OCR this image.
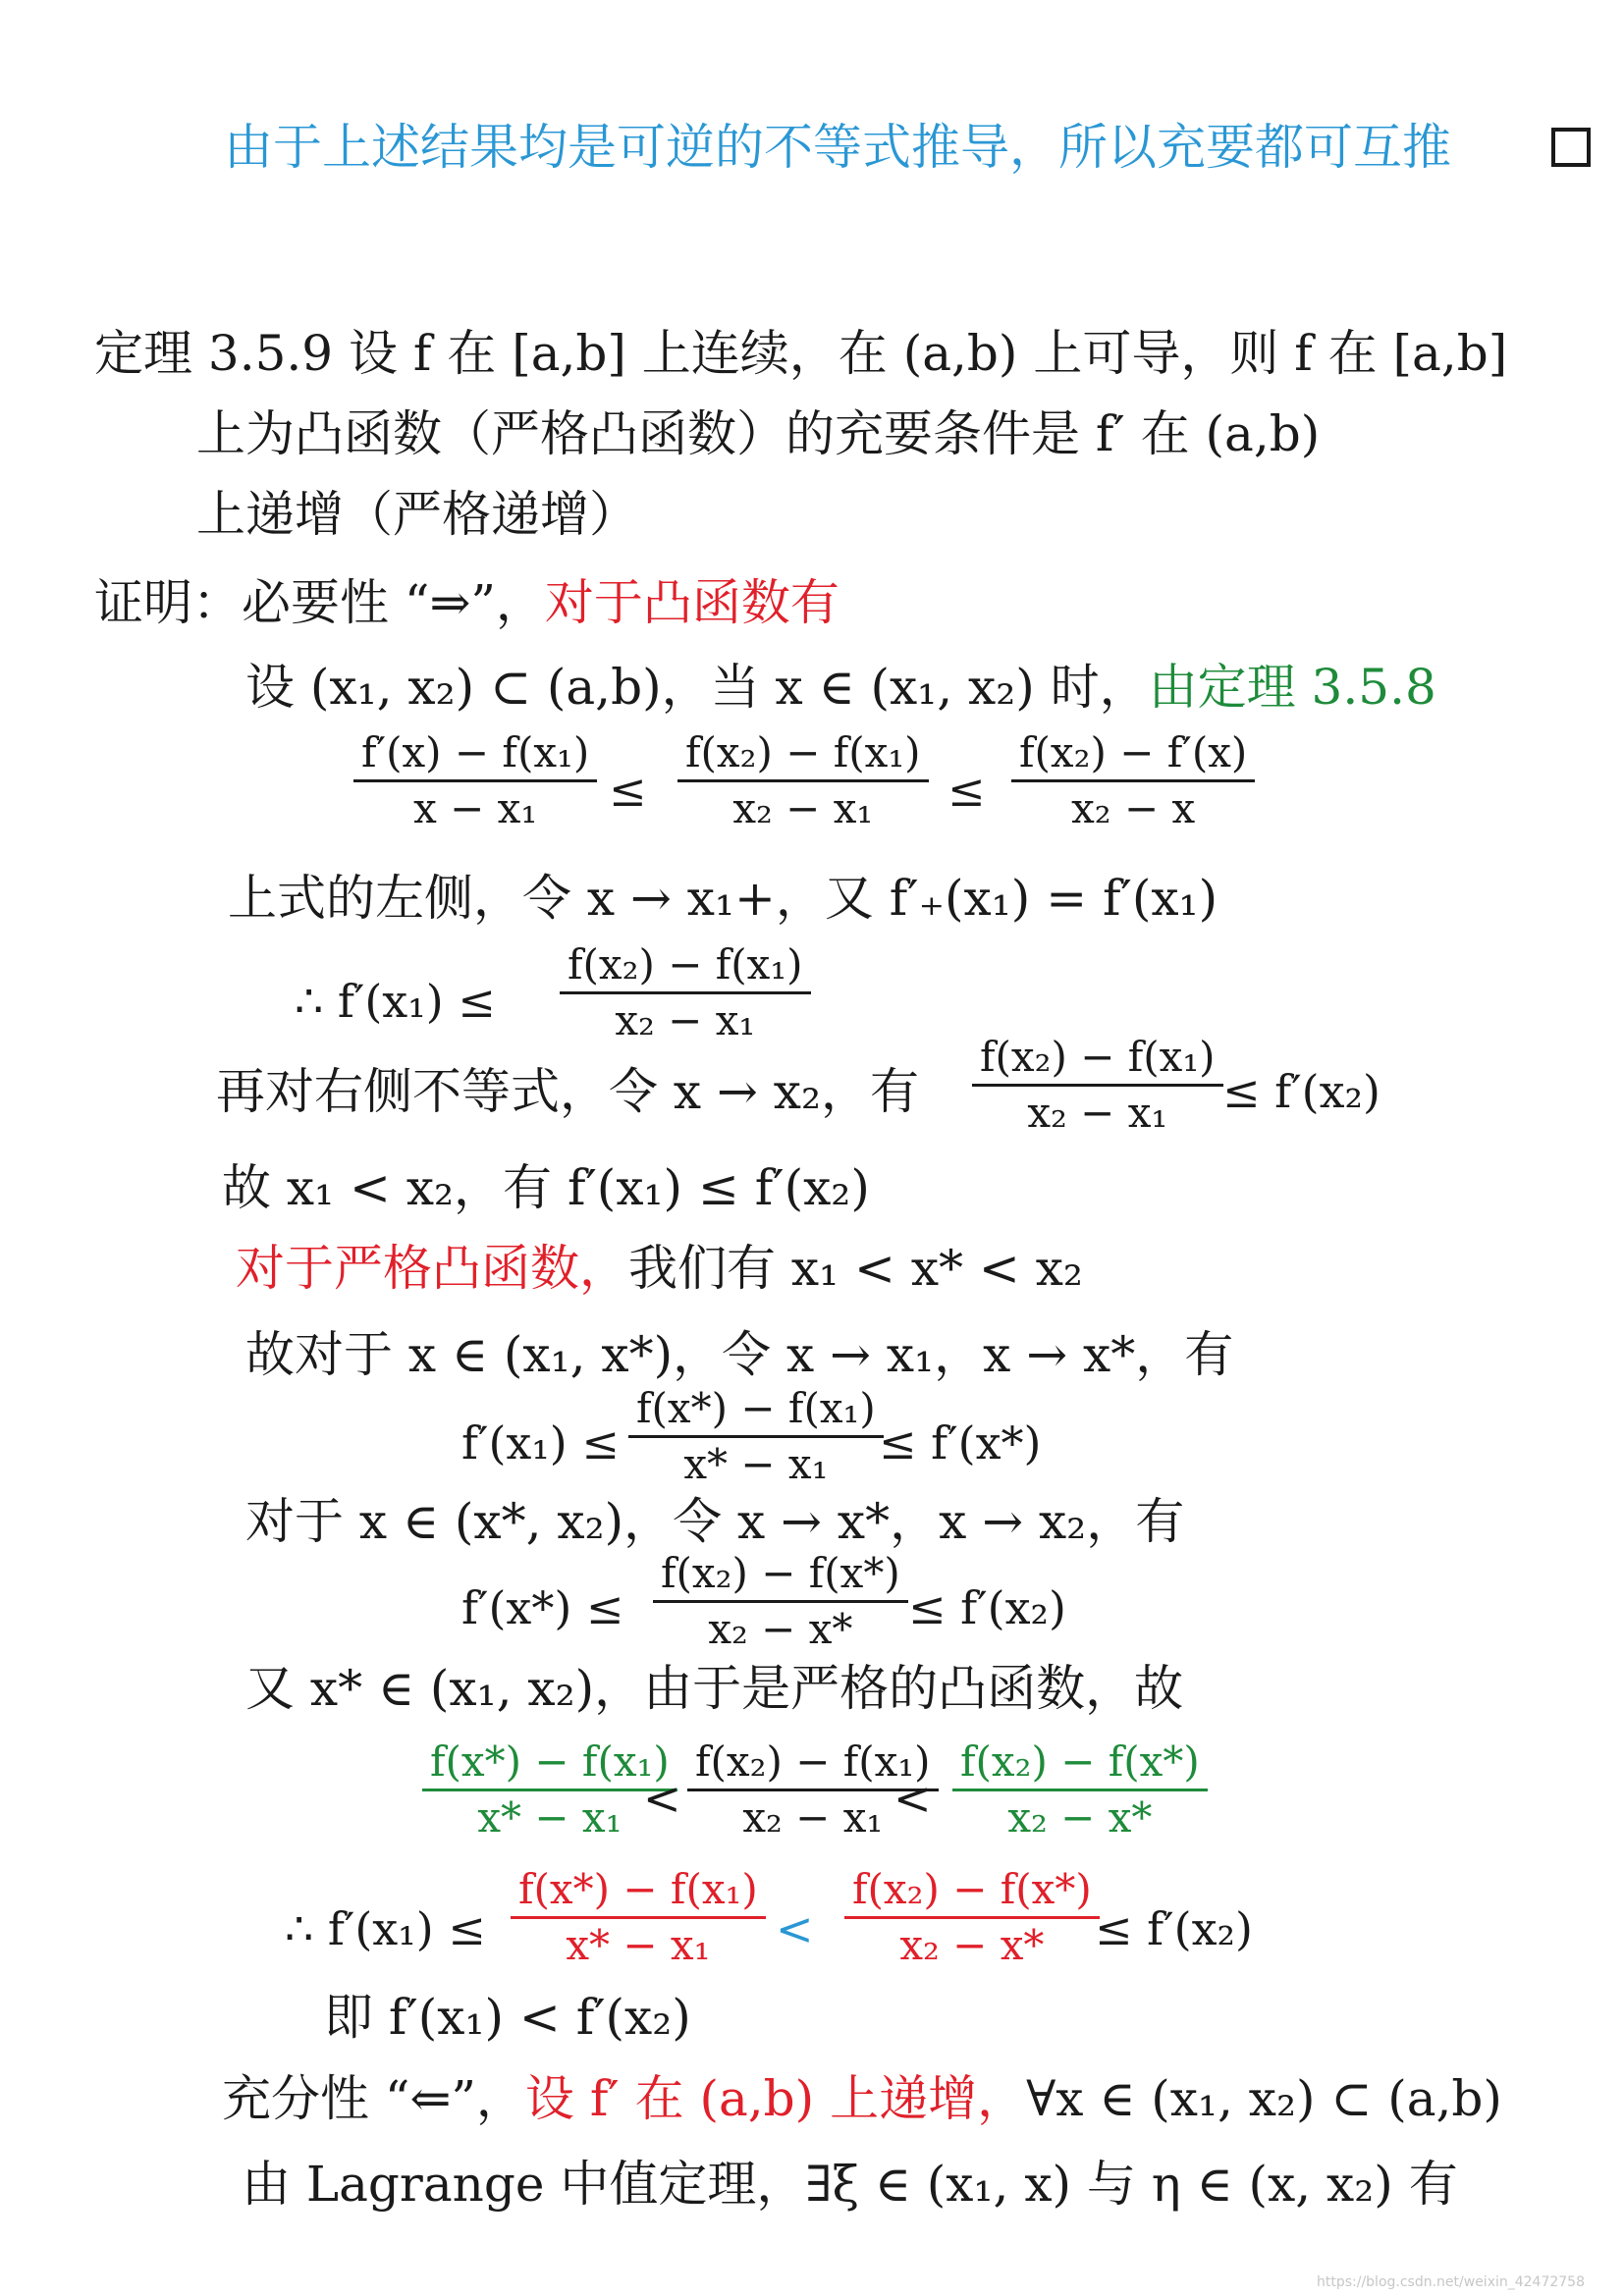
由于上述结果均是可逆的不等式推导，所以充要都可互推
定理 3.5.9 设 f 在 [a,b] 上连续，在 (a,b) 上可导，则 f 在 [a,b]
上为凸函数（严格凸函数）的充要条件是 f′ 在 (a,b)
上递增（严格递增）
证明：必要性 “⇒”，对于凸函数有
设 (x₁, x₂) ⊂ (a,b)，当 x ∈ (x₁, x₂) 时，由定理 3.5.8
f′(x) − f(x₁)
x − x₁ ≤
f(x₂) − f(x₁)
x₂ − x₁ ≤
f(x₂) − f′(x)
x₂ − x
上式的左侧，令 x → x₁+，又 f′₊(x₁) = f′(x₁)
∴ f′(x₁) ≤
f(x₂) − f(x₁)
x₂ − x₁
再对右侧不等式，令 x → x₂，有
f(x₂) − f(x₁)
x₂ − x₁ ≤ f′(x₂)
故 x₁ < x₂，有 f′(x₁) ≤ f′(x₂)
对于严格凸函数，我们有 x₁ < x* < x₂
故对于 x ∈ (x₁, x*)，令 x → x₁，x → x*，有
f′(x₁) ≤
f(x*) − f(x₁)
x* − x₁ ≤ f′(x*)
对于 x ∈ (x*, x₂)，令 x → x*，x → x₂，有
f′(x*) ≤
f(x₂) − f(x*)
x₂ − x* ≤ f′(x₂)
又 x* ∈ (x₁, x₂)，由于是严格的凸函数，故
f(x*) − f(x₁)
x* − x₁ <
f(x₂) − f(x₁)
x₂ − x₁ <
f(x₂) − f(x*)
x₂ − x*
∴ f′(x₁) ≤
f(x*) − f(x₁)
x* − x₁ <
f(x₂) − f(x*)
x₂ − x* ≤ f′(x₂)
即 f′(x₁) < f′(x₂)
充分性 “⇐”，设 f′ 在 (a,b) 上递增，∀x ∈ (x₁, x₂) ⊂ (a,b)
由 Lagrange 中值定理，∃ξ ∈ (x₁, x) 与 η ∈ (x, x₂) 有
https://blog.csdn.net/weixin_42472758
